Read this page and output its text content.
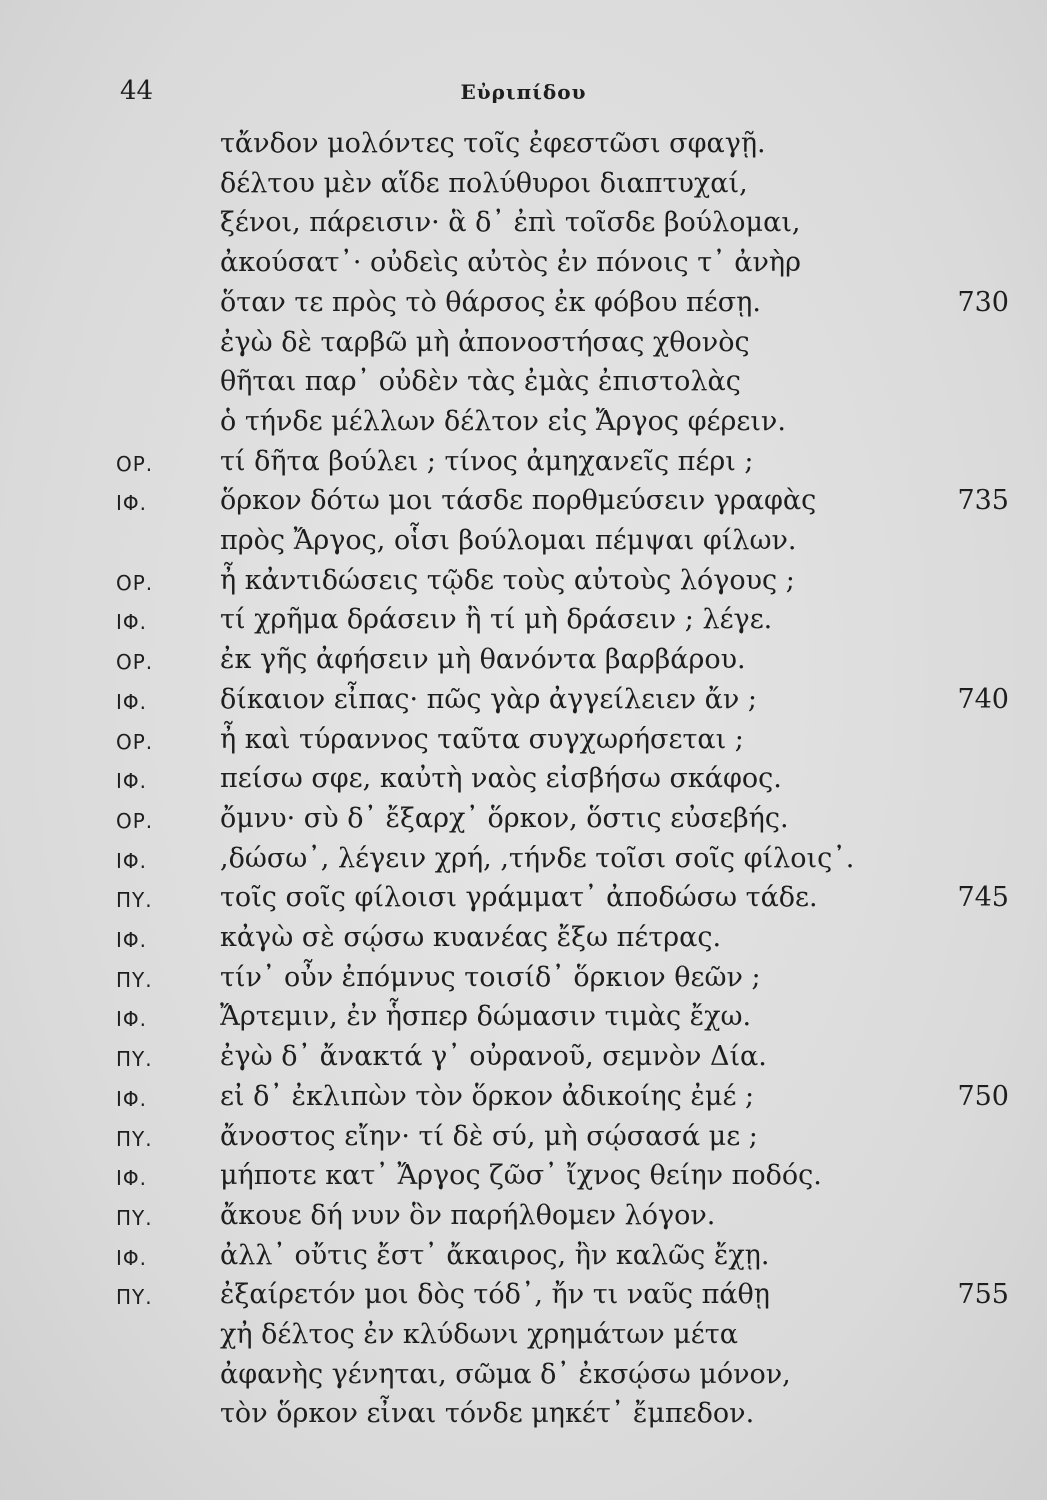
44	Εὐριπίδου
τἄνδον μολόντες τοῖς ἐφεστῶσι σφαγῇ.
δέλτου μὲν αἵδε πολύθυροι διαπτυχαί,
ξένοι, πάρεισιν· ἃ δ᾽ ἐπὶ τοῖσδε βούλομαι,
ἀκούσατ᾽· οὐδεὶς αὐτὸς ἐν πόνοις τ᾽ ἀνὴρ
ὅταν τε πρὸς τὸ θάρσος ἐκ φόβου πέσῃ.	730
ἐγὼ δὲ ταρβῶ μὴ ἀπονοστήσας χθονὸς
θῆται παρ᾽ οὐδὲν τὰς ἐμὰς ἐπιστολὰς
ὁ τήνδε μέλλων δέλτον εἰς Ἄργος φέρειν.
ΟΡ. τί δῆτα βούλει ; τίνος ἀμηχανεῖς πέρι ;
ΙΦ.	ὅρκον δότω μοι τάσδε πορθμεύσειν γραφὰς	735
πρὸς Ἄργος, οἷσι βούλομαι πέμψαι φίλων.
ΟΡ. ἦ κἀντιδώσεις τῷδε τοὺς αὐτοὺς λόγους ;
ΙΦ.	τί χρῆμα δράσειν ἢ τί μὴ δράσειν ; λέγε.
ΟΡ. ἐκ γῆς ἀφήσειν μὴ θανόντα βαρβάρου.
ΙΦ.	δίκαιον εἶπας· πῶς γὰρ ἀγγείλειεν ἄν ;	740
ΟΡ. ἦ καὶ τύραννος ταῦτα συγχωρήσεται ;
ΙΦ.	πείσω σφε, καὐτὴ ναὸς εἰσβήσω σκάφος.
ΟΡ. ὄμνυ· σὺ δ᾽ ἔξαρχ᾽ ὅρκον, ὅστις εὐσεβής.
ΙΦ.	,δώσω᾽, λέγειν χρή, ,τήνδε τοῖσι σοῖς φίλοις᾽.
ΠΥ. τοῖς σοῖς φίλοισι γράμματ᾽ ἀποδώσω τάδε.	745
ΙΦ.	κἀγὼ σὲ σῴσω κυανέας ἔξω πέτρας.
ΠΥ. τίν᾽ οὖν ἐπόμνυς τοισίδ᾽ ὅρκιον θεῶν ;
ΙΦ.	Ἄρτεμιν, ἐν ἧσπερ δώμασιν τιμὰς ἔχω.
ΠΥ. ἐγὼ δ᾽ ἄνακτά γ᾽ οὐρανοῦ, σεμνὸν Δία.
ΙΦ.	εἰ δ᾽ ἐκλιπὼν τὸν ὅρκον ἀδικοίης ἐμέ ;	750
ΠΥ. ἄνοστος εἴην· τί δὲ σύ, μὴ σῴσασά με ;
ΙΦ.	μήποτε κατ᾽ Ἄργος ζῶσ᾽ ἴχνος θείην ποδός.
ΠΥ. ἄκουε δή νυν ὃν παρήλθομεν λόγον.
ΙΦ.	ἀλλ᾽ οὔτις ἔστ᾽ ἄκαιρος, ἢν καλῶς ἔχῃ.
ΠΥ. ἐξαίρετόν μοι δὸς τόδ᾽, ἤν τι ναῦς πάθῃ	755
χἠ δέλτος ἐν κλύδωνι χρημάτων μέτα
ἀφανὴς γένηται, σῶμα δ᾽ ἐκσῴσω μόνον,
τὸν ὅρκον εἶναι τόνδε μηκέτ᾽ ἔμπεδον.
